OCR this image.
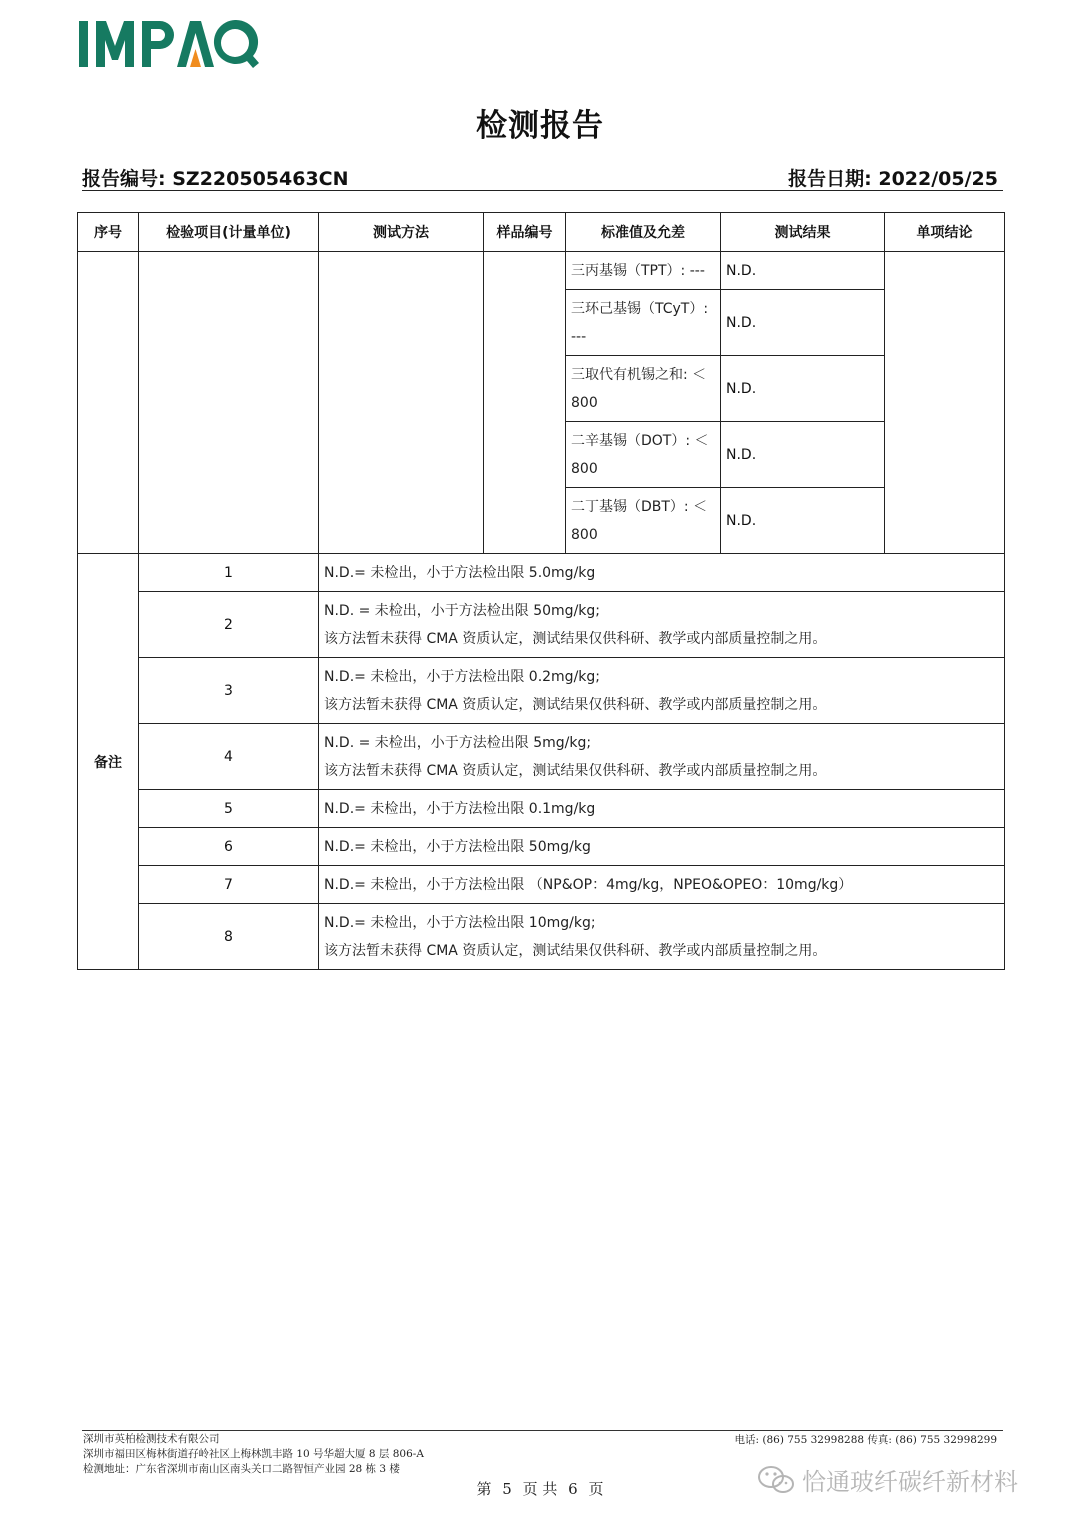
检测报告
报告编号: SZ220505463CN	报告日期: 2022/05/25
序号	检验项目(计量单位)	测试方法	样品编号	标准值及允差	测试结果	单项结论

				三丙基锡（TPT）: ---	N.D.	

				三环己基锡（TCyT）:
---	N.D.	

				三取代有机锡之和: ＜
800	N.D.	

				二辛基锡（DOT）: ＜
800	N.D.	

				二丁基锡（DBT）: ＜
800	N.D.	
备注	1	N.D.= 未检出，小于方法检出限 5.0mg/kg				

	2	N.D. = 未检出，小于方法检出限 50mg/kg;
该方法暂未获得 CMA 资质认定，测试结果仅供科研、教学或内部质量控制之用。				

	3	N.D.= 未检出，小于方法检出限 0.2mg/kg;
该方法暂未获得 CMA 资质认定，测试结果仅供科研、教学或内部质量控制之用。				

	4	N.D. = 未检出，小于方法检出限 5mg/kg;
该方法暂未获得 CMA 资质认定，测试结果仅供科研、教学或内部质量控制之用。				

	5	N.D.= 未检出，小于方法检出限 0.1mg/kg				

	6	N.D.= 未检出，小于方法检出限 50mg/kg				

	7	N.D.= 未检出，小于方法检出限 （NP&OP：4mg/kg，NPEO&OPEO：10mg/kg）				

	8	N.D.= 未检出，小于方法检出限 10mg/kg;
该方法暂未获得 CMA 资质认定，测试结果仅供科研、教学或内部质量控制之用。				
深圳市英柏检测技术有限公司
深圳市福田区梅林街道孖岭社区上梅林凯丰路 10 号华超大厦 8 层 806-A
检测地址：广东省深圳市南山区南头关口二路智恒产业园 28 栋 3 楼
电话: (86) 755 32998288 传真: (86) 755 32998299
第 5 页 共 6 页	恰通玻纤碳纤新材料
